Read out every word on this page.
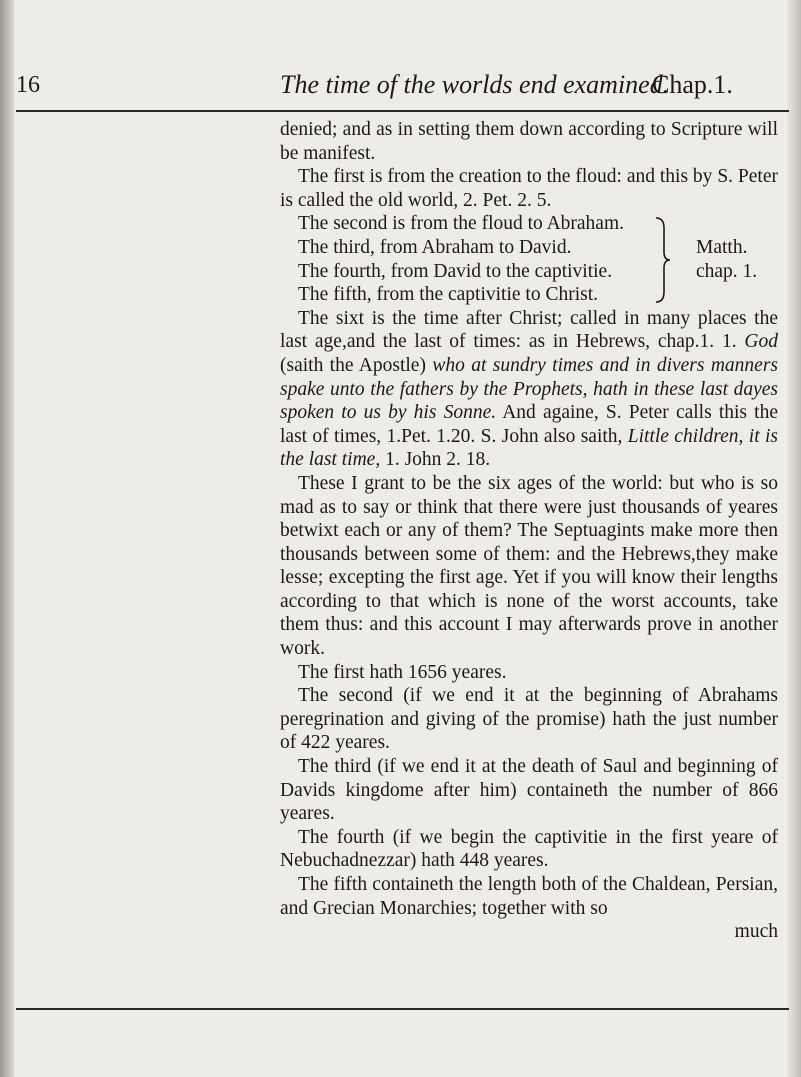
16	The time of the worlds end examined.
Chap.1.

denied; and as in setting them down according to Scripture will be manifest.

The first is from the creation to the floud: and this by S. Peter is called the old world, 2. Pet. 2. 5.

The second is from the floud to Abraham.
The third, from Abraham to David.
The fourth, from David to the captivitie.
The fifth, from the captivitie to Christ.
Matth.
chap. 1.

The sixt is the time after Christ; called in many places the last age,and the last of times: as in Hebrews, chap.1. 1. God (saith the Apostle) who at sundry times and in divers manners spake unto the fathers by the Prophets, hath in these last dayes spoken to us by his Sonne. And againe, S. Peter calls this the last of times, 1.Pet. 1.20. S. John also saith, Little children, it is the last time, 1. John 2. 18.

These I grant to be the six ages of the world: but who is so mad as to say or think that there were just thousands of yeares betwixt each or any of them? The Septuagints make more then thousands between some of them: and the Hebrews,they make lesse; excepting the first age. Yet if you will know their lengths according to that which is none of the worst accounts, take them thus: and this account I may afterwards prove in another work.

The first hath 1656 yeares.

The second (if we end it at the beginning of Abrahams peregrination and giving of the promise) hath the just number of 422 yeares.

The third (if we end it at the death of Saul and beginning of Davids kingdome after him) containeth the number of 866 yeares.

The fourth (if we begin the captivitie in the first yeare of Nebuchadnezzar) hath 448 yeares.

The fifth containeth the length both of the Chaldean, Persian, and Grecian Monarchies; together with so

much
